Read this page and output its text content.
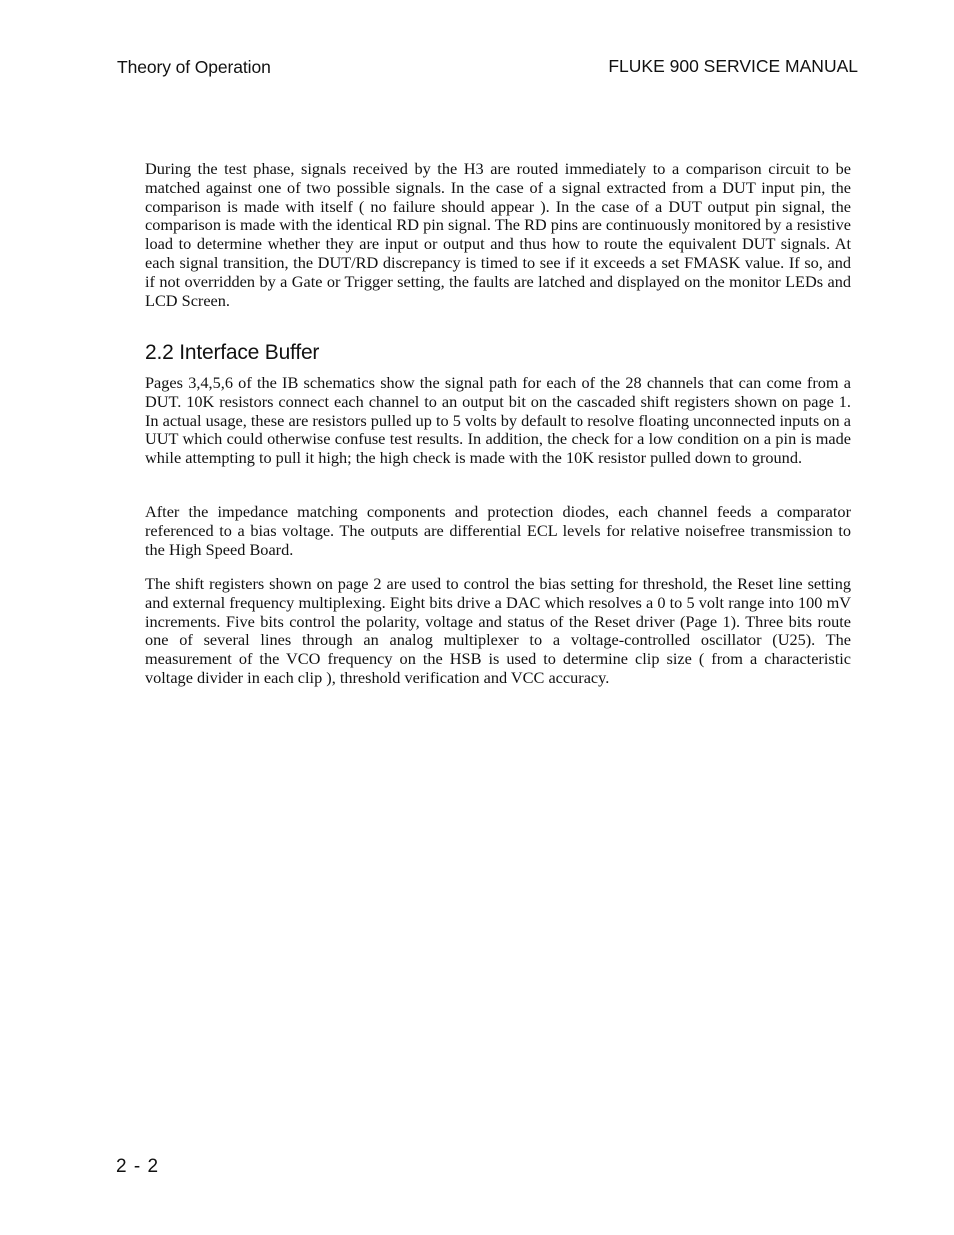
Theory of Operation	FLUKE 900 SERVICE MANUAL

During the test phase, signals received by the H3 are routed immediately to a comparison circuit to be matched against one of two possible signals. In the case of a signal extracted from a DUT input pin, the comparison is made with itself ( no failure should appear ). In the case of a DUT output pin signal, the comparison is made with the identical RD pin signal. The RD pins are continuously monitored by a resistive load to determine whether they are input or output and thus how to route the equivalent DUT signals. At each signal transition, the DUT/RD discrepancy is timed to see if it exceeds a set FMASK value. If so, and if not overridden by a Gate or Trigger setting, the faults are latched and displayed on the monitor LEDs and LCD Screen.

2.2 Interface Buffer

Pages 3,4,5,6 of the IB schematics show the signal path for each of the 28 channels that can come from a DUT. 10K resistors connect each channel to an output bit on the cascaded shift registers shown on page 1. In actual usage, these are resistors pulled up to 5 volts by default to resolve floating unconnected inputs on a UUT which could otherwise confuse test results. In addition, the check for a low condition on a pin is made while attempting to pull it high; the high check is made with the 10K resistor pulled down to ground.

After the impedance matching components and protection diodes, each channel feeds a comparator referenced to a bias voltage. The outputs are differential ECL levels for relative noisefree transmission to the High Speed Board.

The shift registers shown on page 2 are used to control the bias setting for threshold, the Reset line setting and external frequency multiplexing. Eight bits drive a DAC which resolves a 0 to 5 volt range into 100 mV increments. Five bits control the polarity, voltage and status of the Reset driver (Page 1). Three bits route one of several lines through an analog multiplexer to a voltage-controlled oscillator (U25). The measurement of the VCO frequency on the HSB is used to determine clip size ( from a characteristic voltage divider in each clip ), threshold verification and VCC accuracy.

2 - 2
